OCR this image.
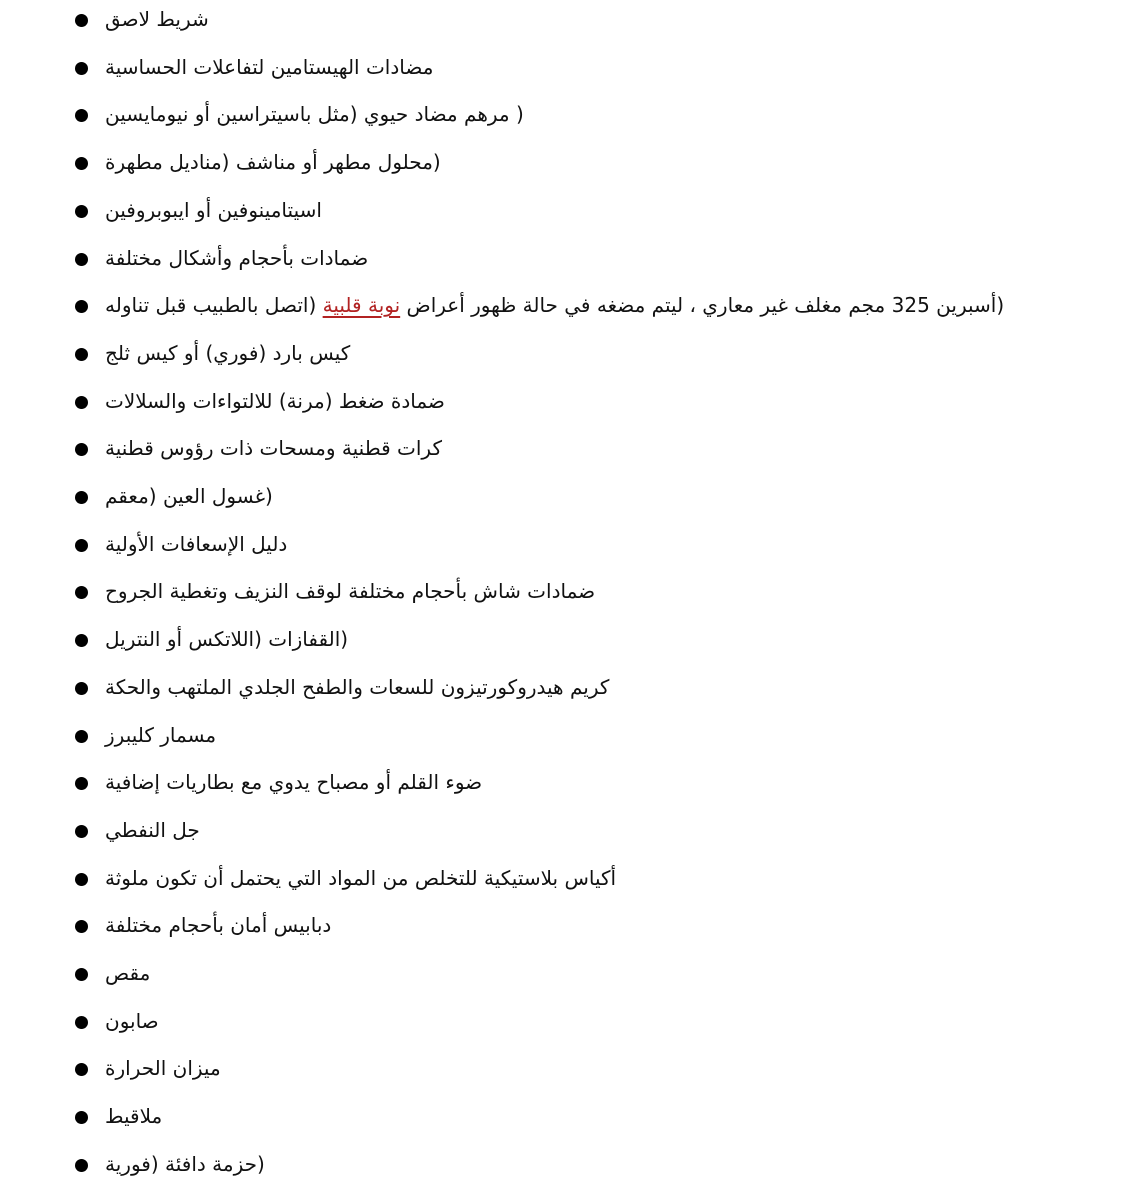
شريط لاصق
مضادات الهيستامين لتفاعلات الحساسية
( مرهم مضاد حيوي (مثل باسيتراسين أو نيومايسين
(محلول مطهر أو مناشف (مناديل مطهرة
اسيتامينوفين أو ايبوبروفين
ضمادات بأحجام وأشكال مختلفة
(أسبرين 325 مجم مغلف غير معاري ، ليتم مضغه في حالة ظهور أعراض نوبة قلبية (اتصل بالطبيب قبل تناوله
كيس بارد (فوري) أو كيس ثلج
ضمادة ضغط (مرنة) للالتواءات والسلالات
كرات قطنية ومسحات ذات رؤوس قطنية
(غسول العين (معقم
دليل الإسعافات الأولية
ضمادات شاش بأحجام مختلفة لوقف النزيف وتغطية الجروح
(القفازات (اللاتكس أو النتريل
كريم هيدروكورتيزون للسعات والطفح الجلدي الملتهب والحكة
مسمار كليبرز
ضوء القلم أو مصباح يدوي مع بطاريات إضافية
جل النفطي
أكياس بلاستيكية للتخلص من المواد التي يحتمل أن تكون ملوثة
دبابيس أمان بأحجام مختلفة
مقص
صابون
ميزان الحرارة
ملاقيط
(حزمة دافئة (فورية
